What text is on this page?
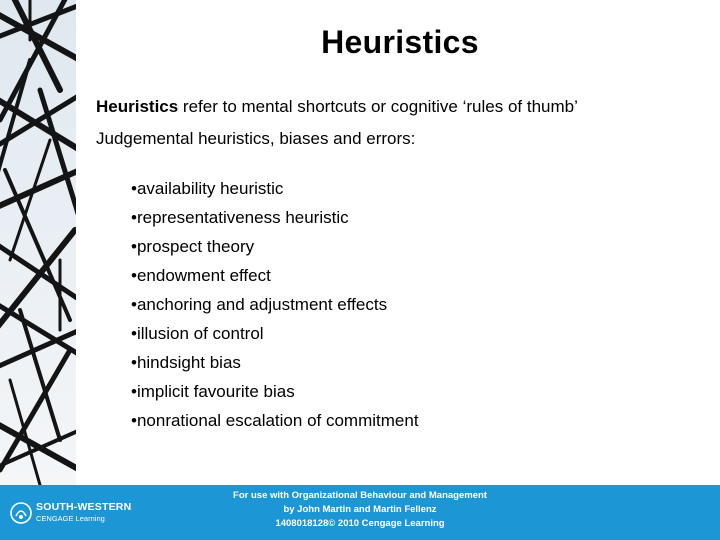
Heuristics
Heuristics refer to mental shortcuts or cognitive ‘rules of thumb’
Judgemental heuristics, biases and errors:
•availability heuristic
•representativeness heuristic
•prospect theory
•endowment effect
•anchoring and adjustment effects
•illusion of control
•hindsight bias
•implicit favourite bias
•nonrational escalation of commitment
SOUTH-WESTERN
CENGAGE Learning
For use with Organizational Behaviour and Management
by John Martin and Martin Fellenz
1408018128© 2010 Cengage Learning
